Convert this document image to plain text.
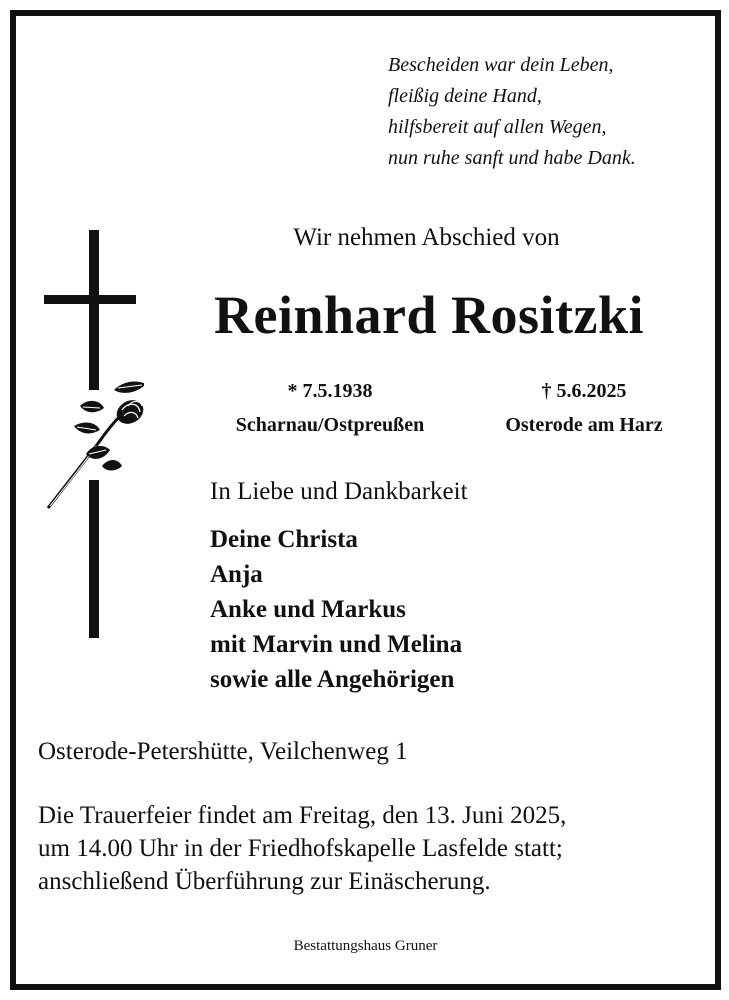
Bescheiden war dein Leben,
fleißig deine Hand,
hilfsbereit auf allen Wegen,
nun ruhe sanft und habe Dank.
Wir nehmen Abschied von
Reinhard Rositzki
* 7.5.1938
Scharnau/Ostpreußen
† 5.6.2025
Osterode am Harz
In Liebe und Dankbarkeit
Deine Christa
Anja
Anke und Markus
mit Marvin und Melina
sowie alle Angehörigen
Osterode-Petershütte, Veilchenweg 1
Die Trauerfeier findet am Freitag, den 13. Juni 2025,
um 14.00 Uhr in der Friedhofskapelle Lasfelde statt;
anschließend Überführung zur Einäscherung.
Bestattungshaus Gruner
